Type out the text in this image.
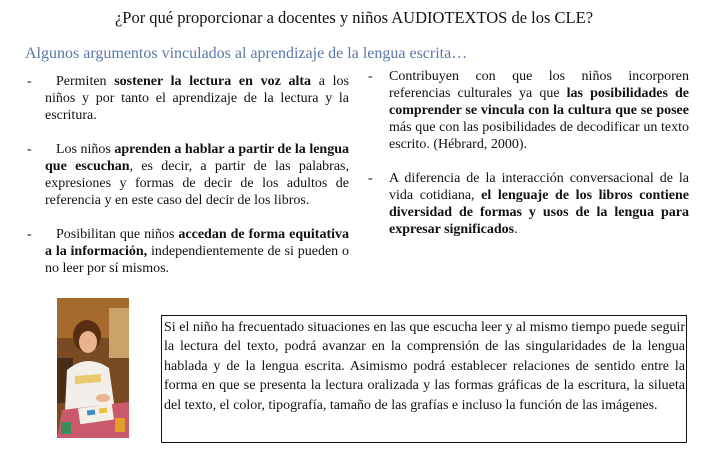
¿Por qué proporcionar a docentes y niños AUDIOTEXTOS de los CLE?
Algunos argumentos vinculados al aprendizaje de la lengua escrita…
-	Permiten sostener la lectura en voz alta a los niños y por tanto el aprendizaje de la lectura y la escritura.

-	Los niños aprenden a hablar a partir de la lengua que escuchan, es decir, a partir de las palabras, expresiones y formas de decir de los adultos de referencia y en este caso del decir de los libros.

-	Posibilitan que niños accedan de forma equitativa a la información, independientemente de si pueden o no leer por sí mismos.

-	Contribuyen con que los niños incorporen referencias culturales ya que las posibilidades de comprender se vincula con la cultura que se posee más que con las posibilidades de decodificar un texto escrito. (Hébrard, 2000).

-	A diferencia de la interacción conversacional de la vida cotidiana, el lenguaje de los libros contiene diversidad de formas y usos de la lengua para expresar significados.

Si el niño ha frecuentado situaciones en las que escucha leer y al mismo tiempo puede seguir la lectura del texto, podrá avanzar en la comprensión de las singularidades de la lengua hablada y de la lengua escrita. Asimismo podrá establecer relaciones de sentido entre la forma en que se presenta la lectura oralizada y las formas gráficas de la escritura, la silueta del texto, el color, tipografía, tamaño de las grafías e incluso la función de las imágenes.
